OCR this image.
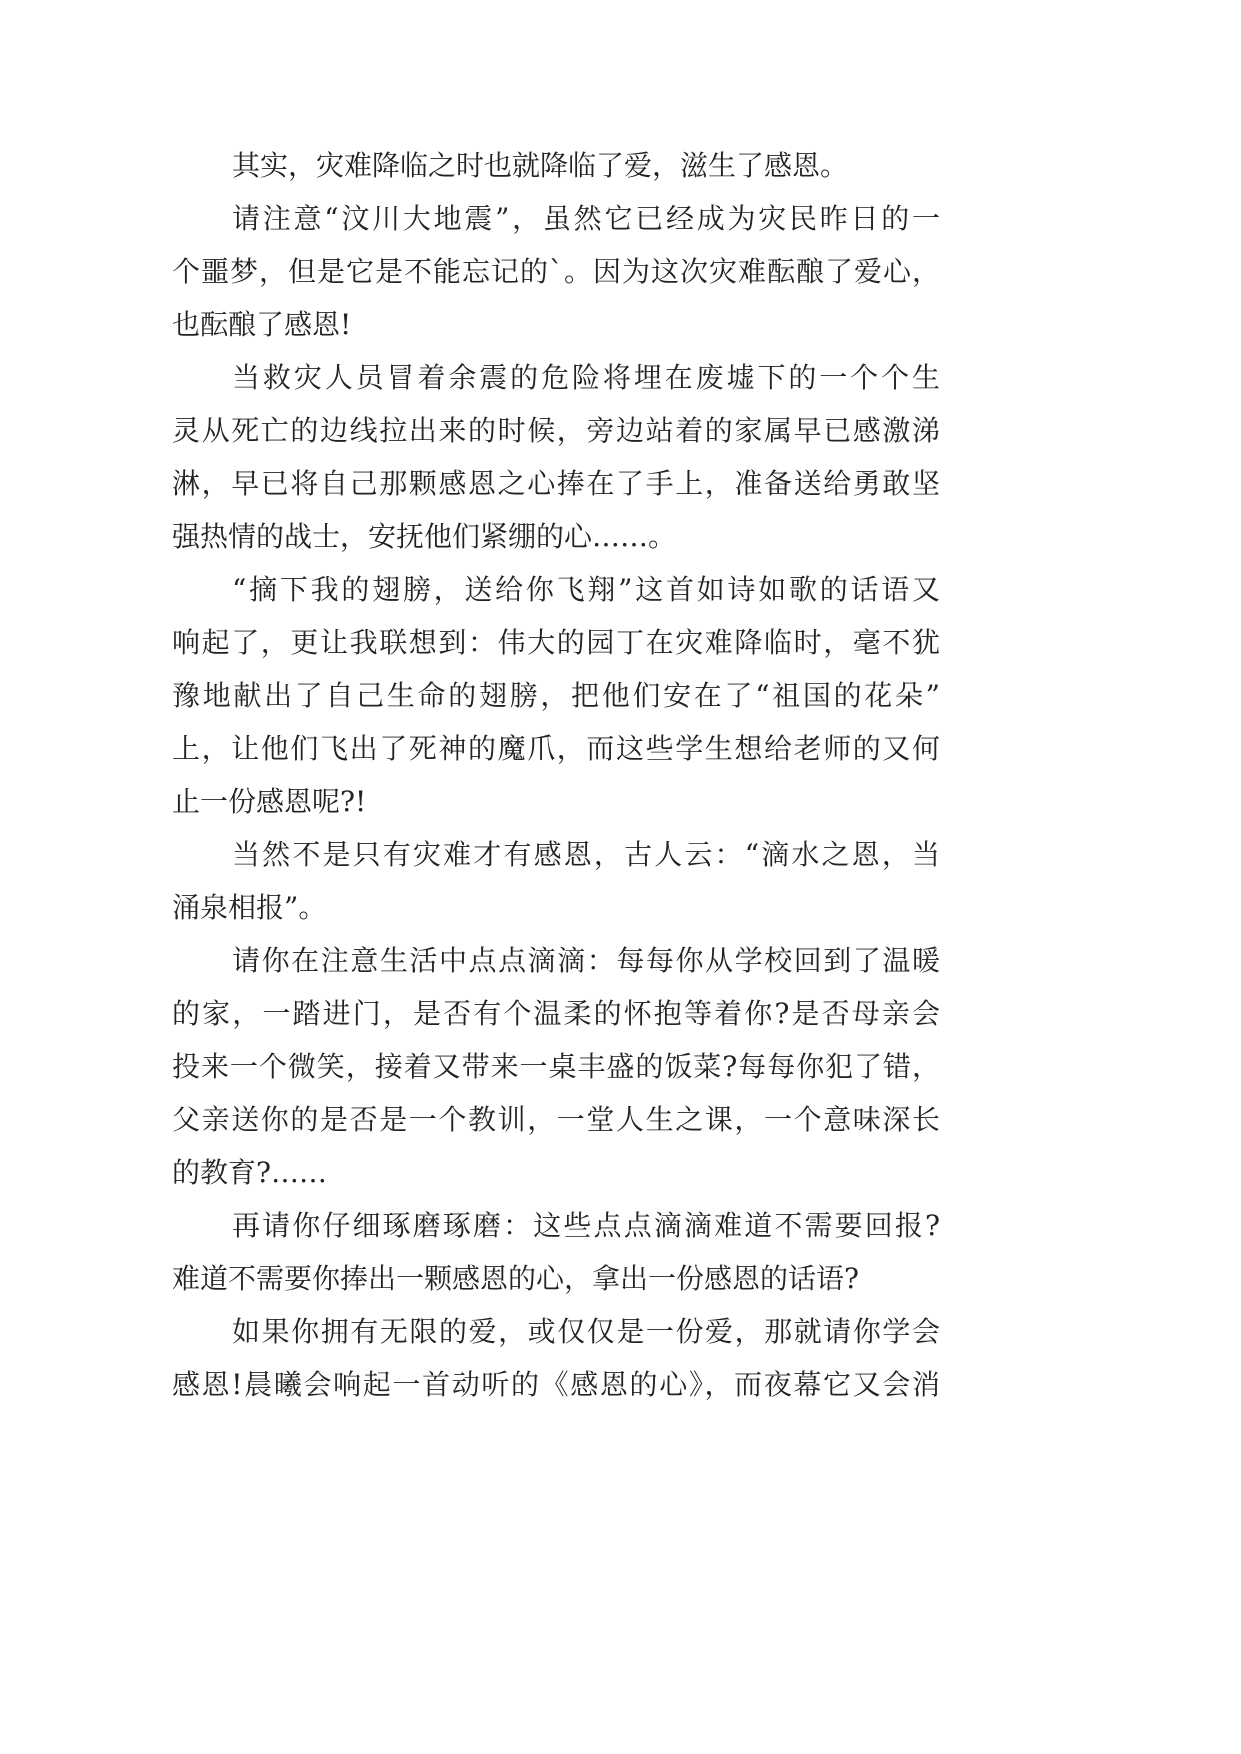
其实，灾难降临之时也就降临了爱，滋生了感恩。
请注意“汶川大地震”，虽然它已经成为灾民昨日的一
个噩梦，但是它是不能忘记的`。因为这次灾难酝酿了爱心，
也酝酿了感恩!
当救灾人员冒着余震的危险将埋在废墟下的一个个生
灵从死亡的边线拉出来的时候，旁边站着的家属早已感激涕
淋，早已将自己那颗感恩之心捧在了手上，准备送给勇敢坚
强热情的战士，安抚他们紧绷的心……。
“摘下我的翅膀，送给你飞翔”这首如诗如歌的话语又
响起了，更让我联想到：伟大的园丁在灾难降临时，毫不犹
豫地献出了自己生命的翅膀，把他们安在了“祖国的花朵”
上，让他们飞出了死神的魔爪，而这些学生想给老师的又何
止一份感恩呢?!
当然不是只有灾难才有感恩，古人云：“滴水之恩，当
涌泉相报”。
请你在注意生活中点点滴滴：每每你从学校回到了温暖
的家，一踏进门，是否有个温柔的怀抱等着你?是否母亲会
投来一个微笑，接着又带来一桌丰盛的饭菜?每每你犯了错，
父亲送你的是否是一个教训，一堂人生之课，一个意味深长
的教育?……
再请你仔细琢磨琢磨：这些点点滴滴难道不需要回报?
难道不需要你捧出一颗感恩的心，拿出一份感恩的话语?
如果你拥有无限的爱，或仅仅是一份爱，那就请你学会
感恩!晨曦会响起一首动听的《感恩的心》，而夜幕它又会消
